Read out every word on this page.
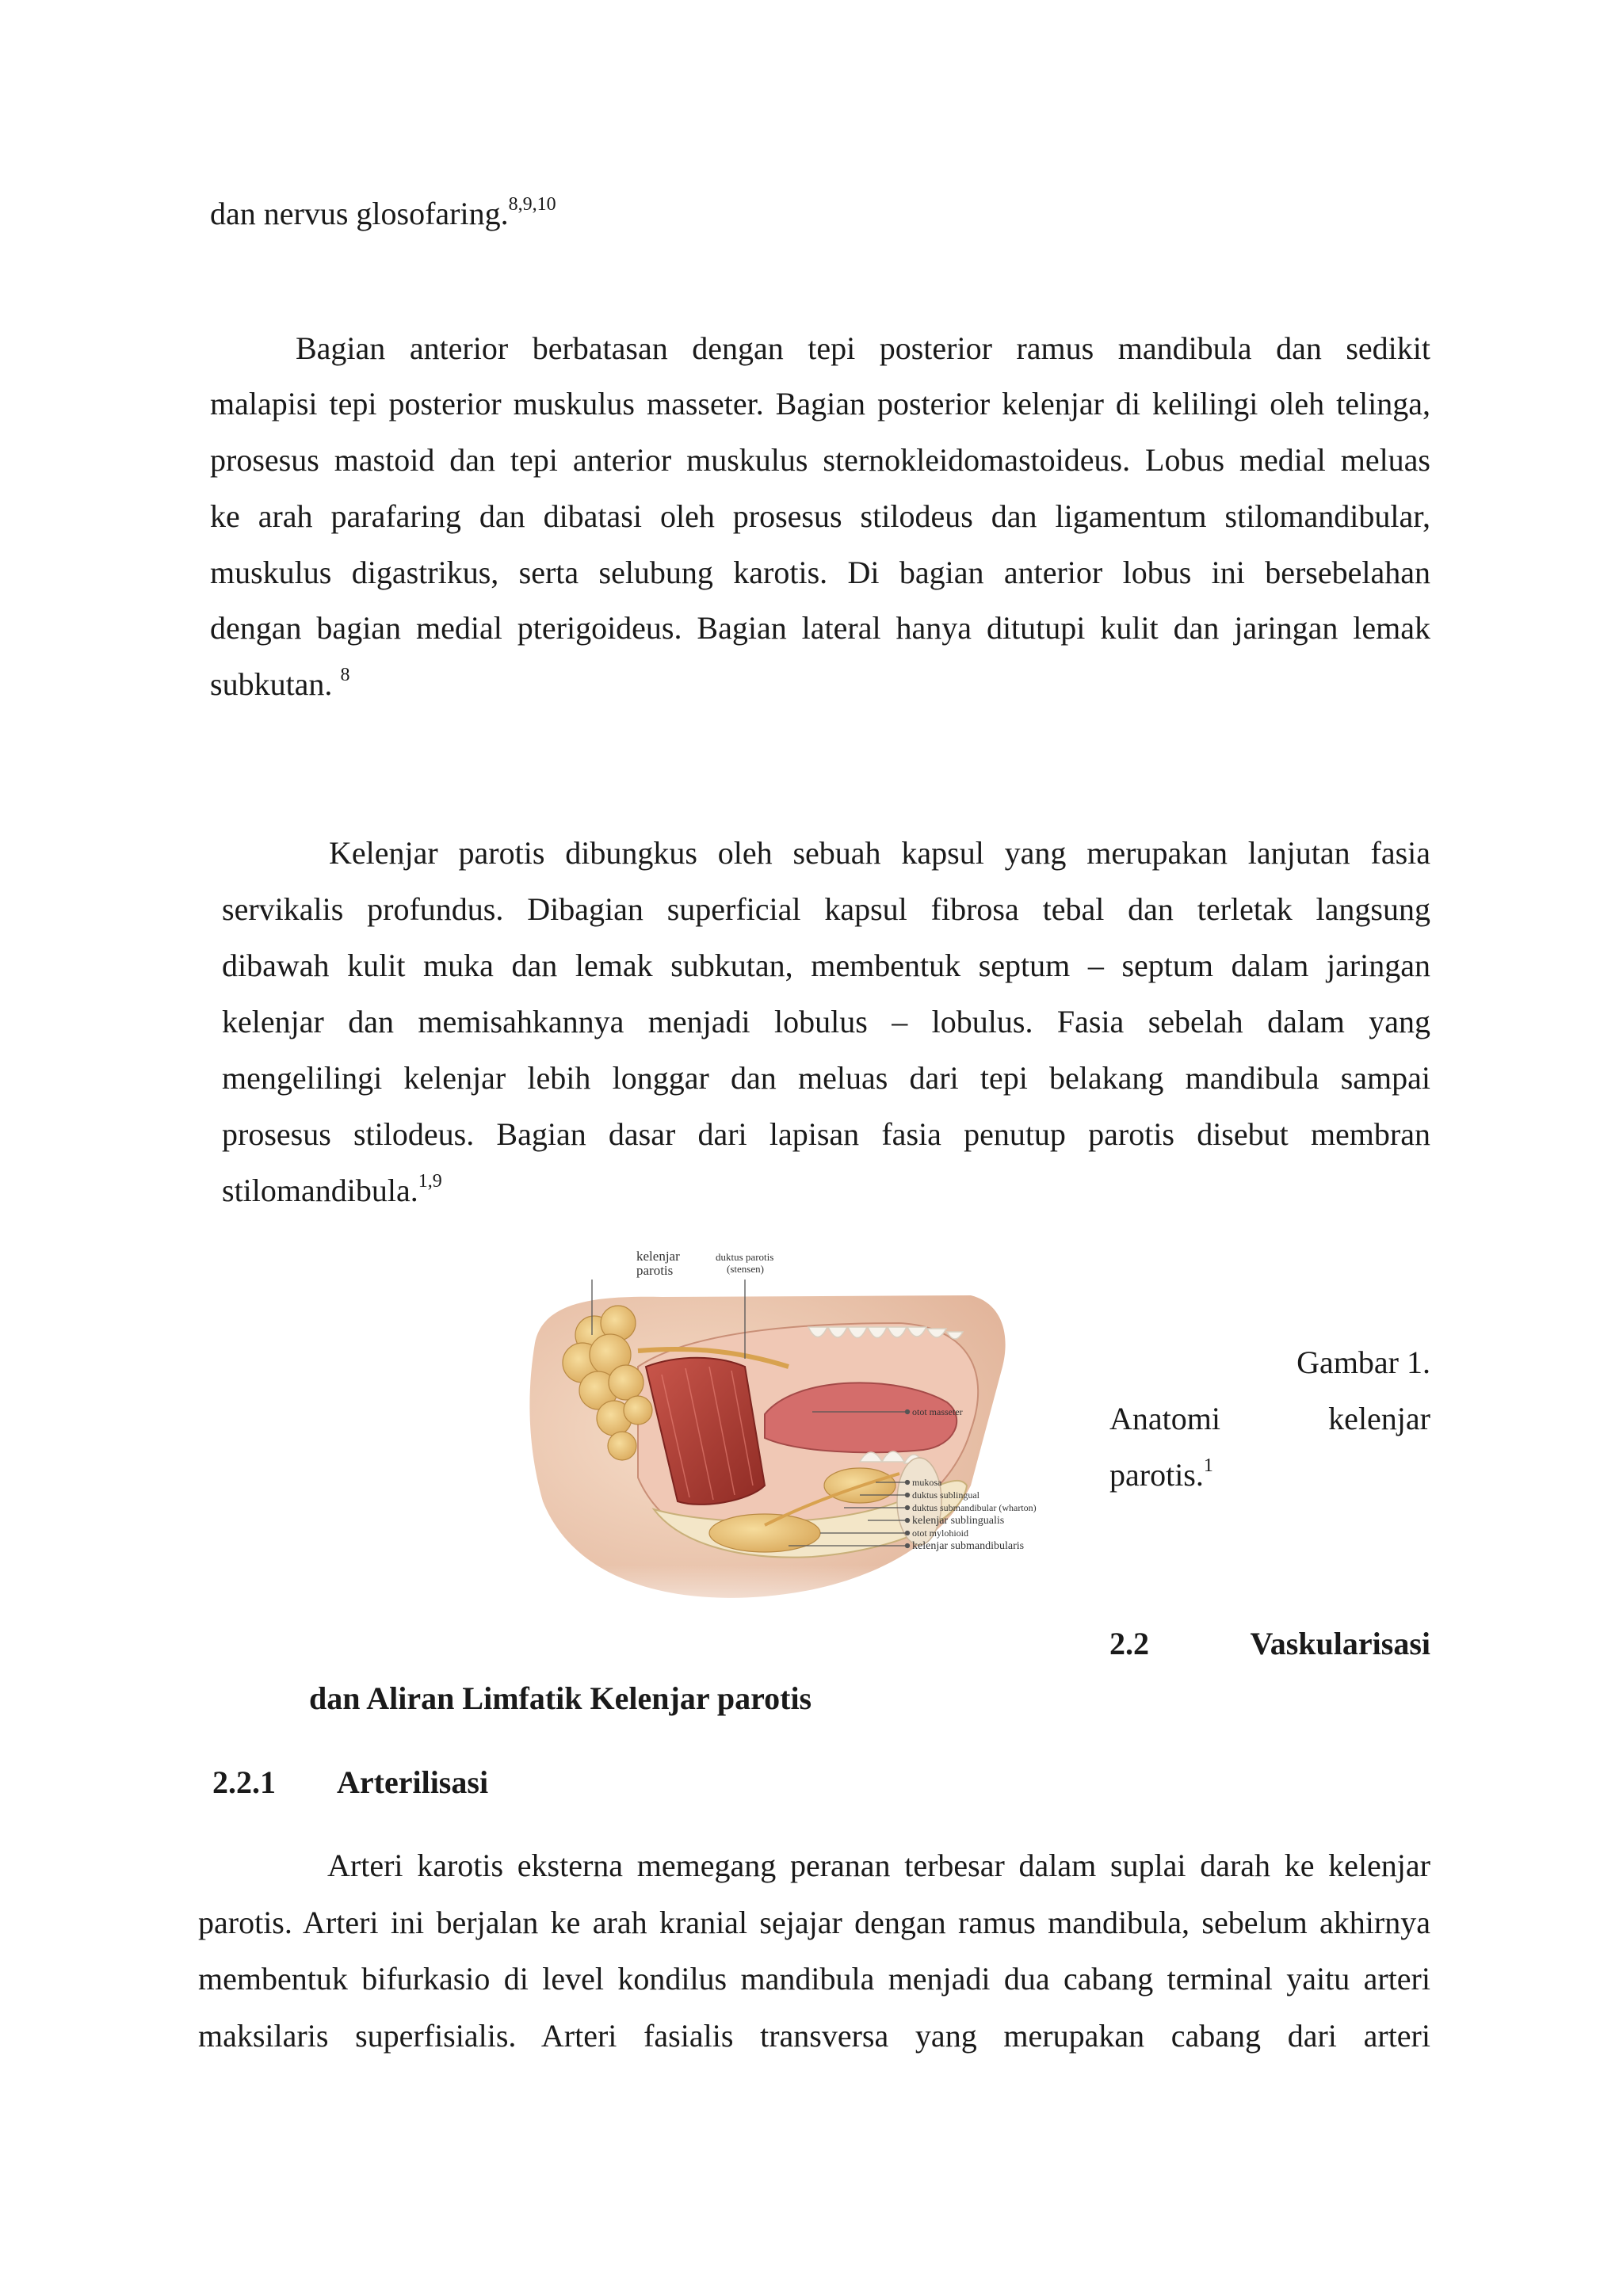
dan nervus glosofaring.$^{8,9,10}$
Bagian anterior berbatasan dengan tepi posterior ramus mandibula dan sedikit
malapisi tepi posterior muskulus masseter. Bagian posterior kelenjar di kelilingi oleh telinga,
prosesus mastoid dan tepi anterior muskulus sternokleidomastoideus. Lobus medial meluas
ke arah parafaring dan dibatasi oleh prosesus stilodeus dan ligamentum stilomandibular,
muskulus digastrikus, serta selubung karotis. Di bagian anterior lobus ini bersebelahan
dengan bagian medial pterigoideus. Bagian lateral hanya ditutupi kulit dan jaringan lemak
subkutan. $^8$
Kelenjar parotis dibungkus oleh sebuah kapsul yang merupakan lanjutan fasia
servikalis profundus. Dibagian superficial kapsul fibrosa tebal dan terletak langsung
dibawah kulit muka dan lemak subkutan, membentuk septum – septum dalam jaringan
kelenjar dan memisahkannya menjadi lobulus – lobulus. Fasia sebelah dalam yang
mengelilingi kelenjar lebih longgar dan meluas dari tepi belakang mandibula sampai
prosesus stilodeus. Bagian dasar dari lapisan fasia penutup parotis disebut membran
stilomandibula.$^{1,9}$
kelenjar
parotis
duktus parotis
(stensen)
otot masseter
mukosa
duktus sublingual
duktus submandibular (wharton)
kelenjar sublingualis
otot mylohioid
kelenjar submandibularis
Gambar 1.
Anatomi kelenjar
parotis.$^1$
2.2	Vaskularisasi
dan Aliran Limfatik Kelenjar parotis
2.2.1 Arterilisasi
Arteri karotis eksterna memegang peranan terbesar dalam suplai darah ke kelenjar
parotis. Arteri ini berjalan ke arah kranial sejajar dengan ramus mandibula, sebelum akhirnya
membentuk bifurkasio di level kondilus mandibula menjadi dua cabang terminal yaitu arteri
maksilaris superfisialis. Arteri fasialis transversa yang merupakan cabang dari arteri
